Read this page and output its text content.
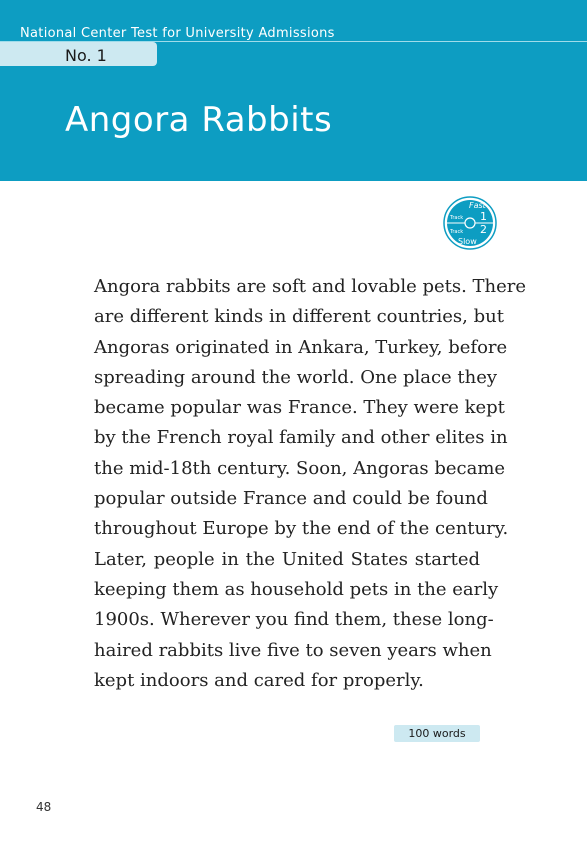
National Center Test for University Admissions
No. 1
Angora Rabbits
Fast
Track 1
Track 2
Slow
Angora rabbits are soft and lovable pets. There
are different kinds in different countries, but
Angoras originated in Ankara, Turkey, before
spreading around the world. One place they
became popular was France. They were kept
by the French royal family and other elites in
the mid-18th century. Soon, Angoras became
popular outside France and could be found
throughout Europe by the end of the century.
Later, people in the United States started
keeping them as household pets in the early
1900s. Wherever you find them, these long-
haired rabbits live five to seven years when
kept indoors and cared for properly.
100 words
48
